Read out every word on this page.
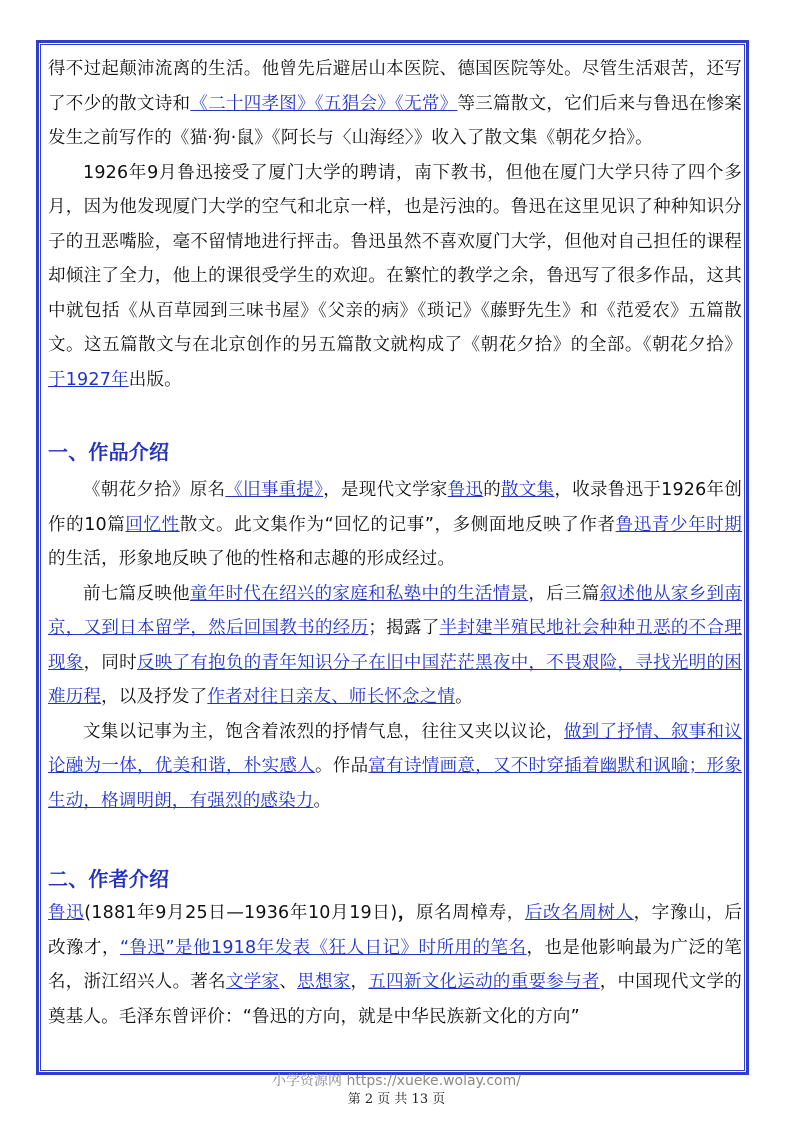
得不过起颠沛流离的生活。他曾先后避居山本医院、德国医院等处。尽管生活艰苦，还写了不少的散文诗和《二十四孝图》《五猖会》《无常》等三篇散文，它们后来与鲁迅在惨案发生之前写作的《猫·狗·鼠》《阿长与〈山海经〉》收入了散文集《朝花夕拾》。

1926年9月鲁迅接受了厦门大学的聘请，南下教书，但他在厦门大学只待了四个多月，因为他发现厦门大学的空气和北京一样，也是污浊的。鲁迅在这里见识了种种知识分子的丑恶嘴脸，毫不留情地进行抨击。鲁迅虽然不喜欢厦门大学，但他对自己担任的课程却倾注了全力，他上的课很受学生的欢迎。在繁忙的教学之余，鲁迅写了很多作品，这其中就包括《从百草园到三味书屋》《父亲的病》《琐记》《藤野先生》和《范爱农》五篇散文。这五篇散文与在北京创作的另五篇散文就构成了《朝花夕拾》的全部。《朝花夕拾》于1927年出版。

一、作品介绍

《朝花夕拾》原名《旧事重提》，是现代文学家鲁迅的散文集，收录鲁迅于1926年创作的10篇回忆性散文。此文集作为“回忆的记事”，多侧面地反映了作者鲁迅青少年时期的生活，形象地反映了他的性格和志趣的形成经过。

前七篇反映他童年时代在绍兴的家庭和私塾中的生活情景，后三篇叙述他从家乡到南京，又到日本留学，然后回国教书的经历；揭露了半封建半殖民地社会种种丑恶的不合理现象，同时反映了有抱负的青年知识分子在旧中国茫茫黑夜中，不畏艰险，寻找光明的困难历程，以及抒发了作者对往日亲友、师长怀念之情。

文集以记事为主，饱含着浓烈的抒情气息，往往又夹以议论，做到了抒情、叙事和议论融为一体，优美和谐，朴实感人。作品富有诗情画意，又不时穿插着幽默和讽喻；形象生动，格调明朗，有强烈的感染力。

二、作者介绍

鲁迅(1881年9月25日—1936年10月19日)，原名周樟寿，后改名周树人，字豫山，后改豫才，“鲁迅”是他1918年发表《狂人日记》时所用的笔名，也是他影响最为广泛的笔名，浙江绍兴人。著名文学家、思想家，五四新文化运动的重要参与者，中国现代文学的奠基人。毛泽东曾评价：“鲁迅的方向，就是中华民族新文化的方向”

小学资源网 https://xueke.wolay.com/
第 2 页 共 13 页
